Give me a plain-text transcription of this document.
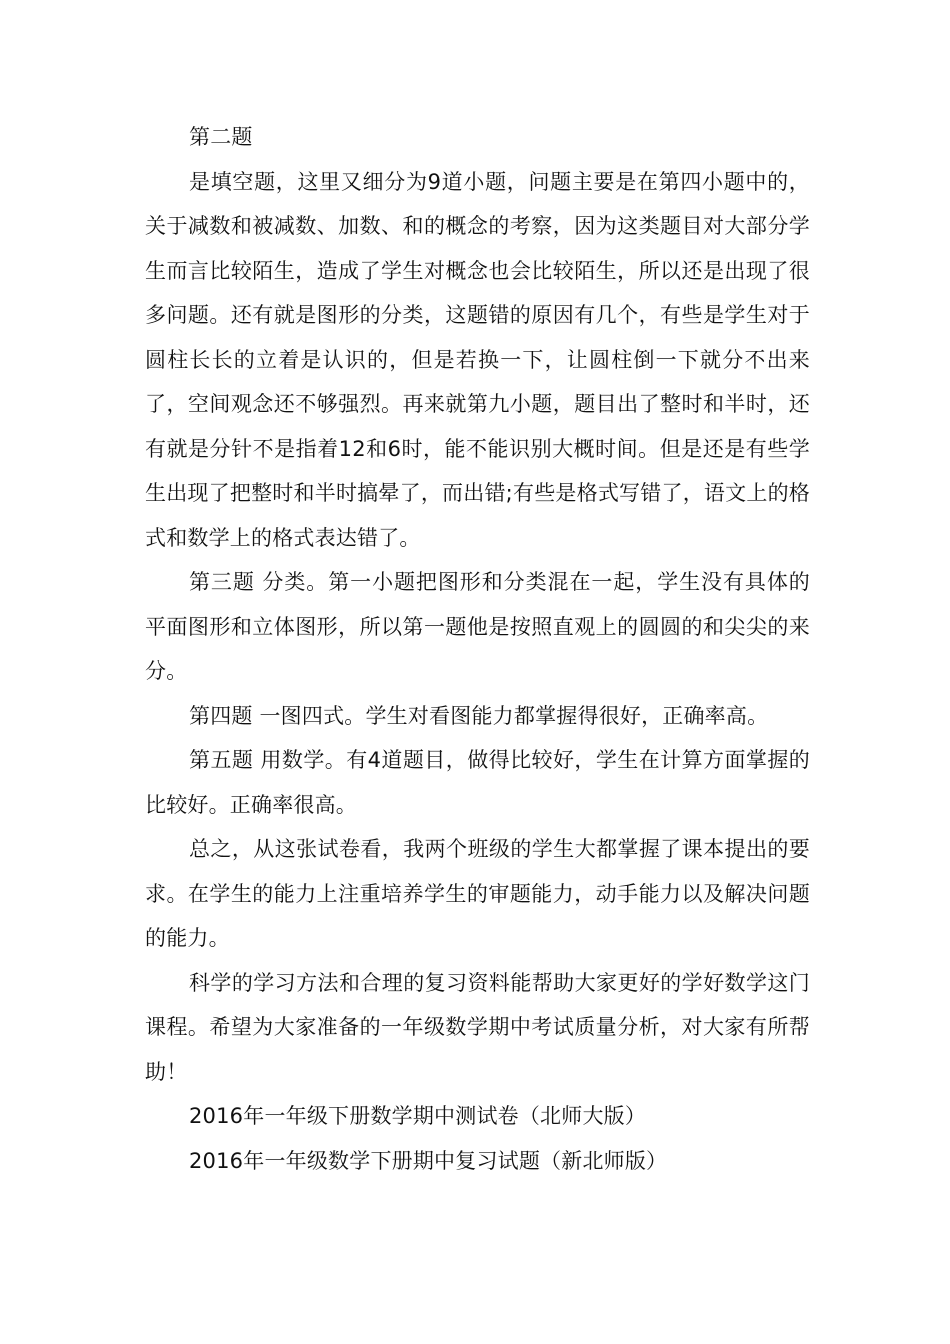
第二题

是填空题，这里又细分为9道小题，问题主要是在第四小题中的，关于减数和被减数、加数、和的概念的考察，因为这类题目对大部分学生而言比较陌生，造成了学生对概念也会比较陌生，所以还是出现了很多问题。还有就是图形的分类，这题错的原因有几个，有些是学生对于圆柱长长的立着是认识的，但是若换一下，让圆柱倒一下就分不出来了，空间观念还不够强烈。再来就第九小题，题目出了整时和半时，还有就是分针不是指着12和6时，能不能识别大概时间。但是还是有些学生出现了把整时和半时搞晕了，而出错;有些是格式写错了，语文上的格式和数学上的格式表达错了。

第三题 分类。第一小题把图形和分类混在一起，学生没有具体的平面图形和立体图形，所以第一题他是按照直观上的圆圆的和尖尖的来分。

第四题 一图四式。学生对看图能力都掌握得很好，正确率高。

第五题 用数学。有4道题目，做得比较好，学生在计算方面掌握的比较好。正确率很高。

总之，从这张试卷看，我两个班级的学生大都掌握了课本提出的要求。在学生的能力上注重培养学生的审题能力，动手能力以及解决问题的能力。

科学的学习方法和合理的复习资料能帮助大家更好的学好数学这门课程。希望为大家准备的一年级数学期中考试质量分析，对大家有所帮助！

2016年一年级下册数学期中测试卷（北师大版）

2016年一年级数学下册期中复习试题（新北师版）
